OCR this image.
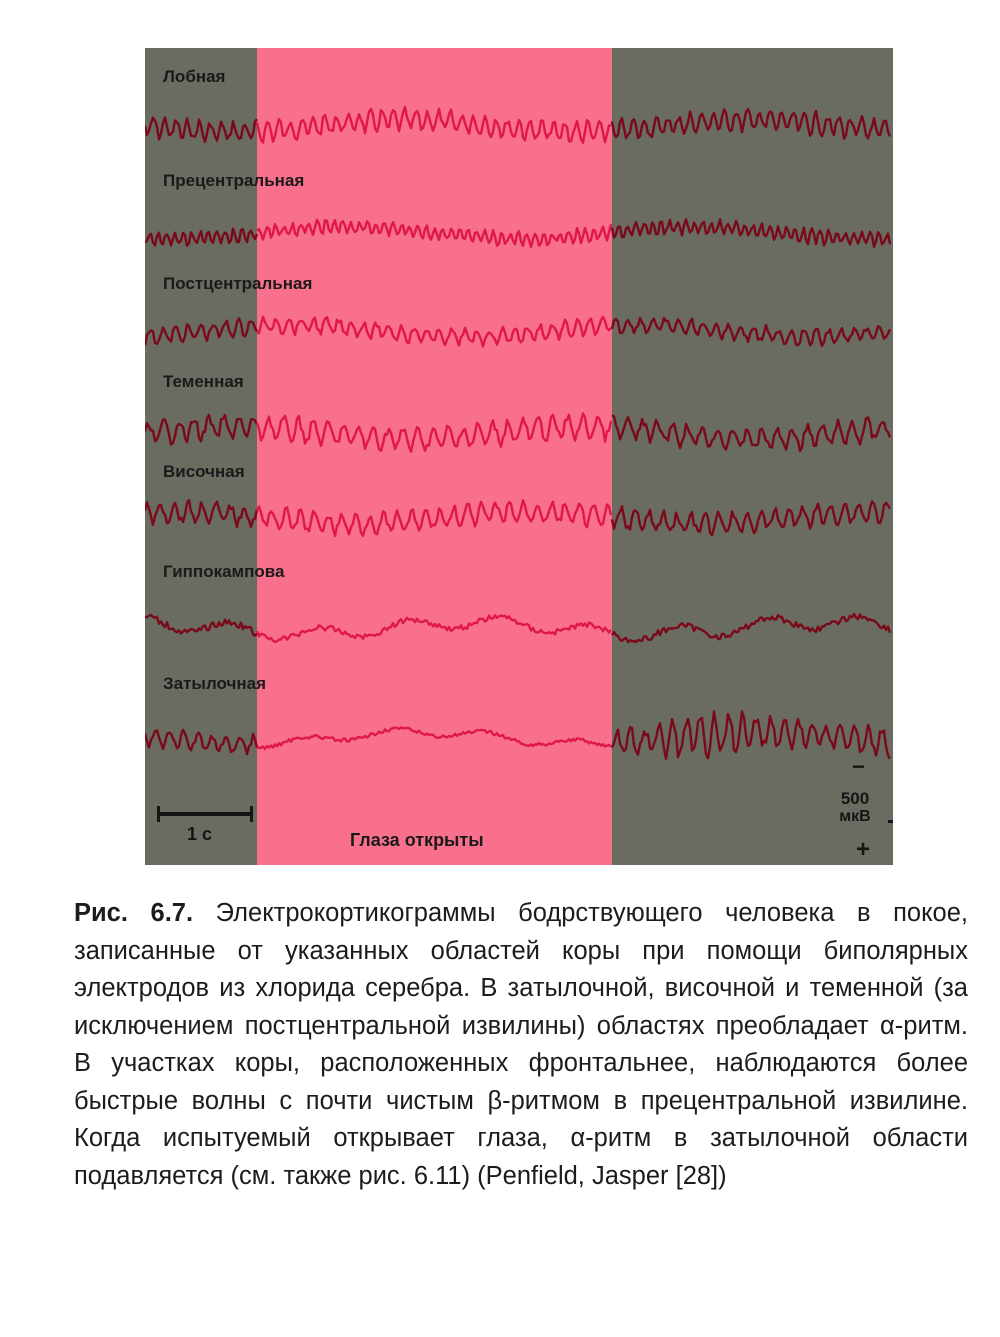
Лобная
Прецентральная
Постцентральная
Теменная
Височная
Гиппокампова
Затылочная
1 с	Глаза открыты
−
500
мкВ
+
Рис. 6.7. Электрокортикограммы бодрствующего человека в покое, записанные от указанных областей коры при помощи биполярных электродов из хлорида серебра. В затылочной, височной и теменной (за исключением постцентральной извилины) областях преобладает α-ритм. В участках коры, расположенных фронтальнее, наблюдаются более быстрые волны с почти чистым β-ритмом в прецентральной извилине. Когда испытуемый открывает глаза, α-ритм в затылочной области подавляется (см. также рис. 6.11) (Penfield, Jasper [28])
